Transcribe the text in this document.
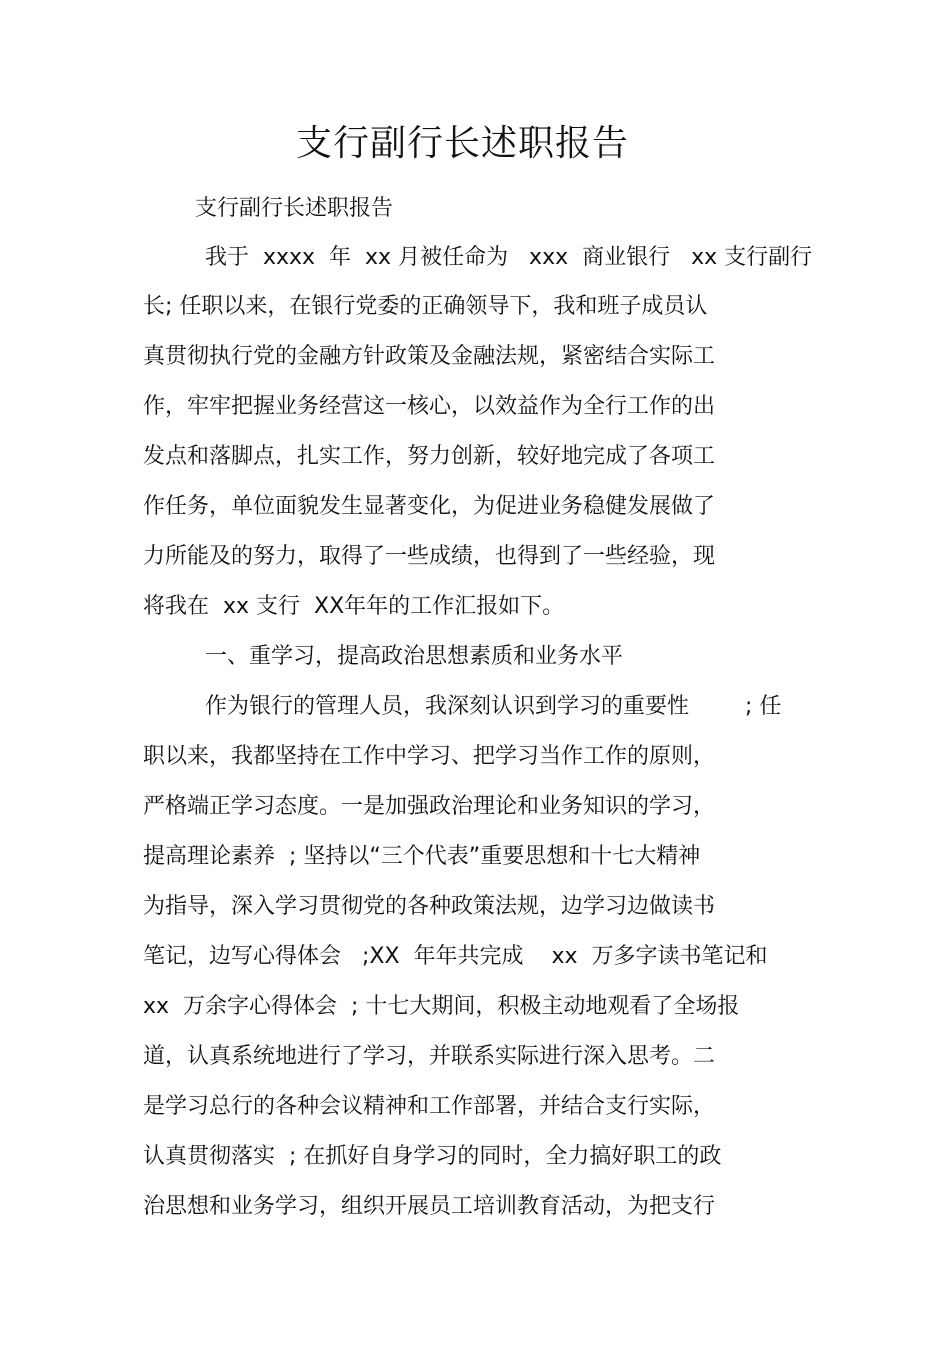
支行副行长述职报告
支行副行长述职报告
我于  xxxx  年  xx 月被任命为   xxx  商业银行   xx 支行副行
长; 任职以来，在银行党委的正确领导下，我和班子成员认
真贯彻执行党的金融方针政策及金融法规，紧密结合实际工
作，牢牢把握业务经营这一核心，以效益作为全行工作的出
发点和落脚点，扎实工作，努力创新，较好地完成了各项工
作任务，单位面貌发生显著变化，为促进业务稳健发展做了
力所能及的努力，取得了一些成绩，也得到了一些经验，现
将我在  xx 支行  XX年年的工作汇报如下。
一、重学习，提高政治思想素质和业务水平
作为银行的管理人员，我深刻认识到学习的重要性        ; 任
职以来，我都坚持在工作中学习、把学习当作工作的原则，
严格端正学习态度。一是加强政治理论和业务知识的学习，
提高理论素养  ; 坚持以“三个代表”重要思想和十七大精神
为指导，深入学习贯彻党的各种政策法规，边学习边做读书
笔记，边写心得体会   ;XX  年年共完成    xx  万多字读书笔记和
xx  万余字心得体会  ; 十七大期间，积极主动地观看了全场报
道，认真系统地进行了学习，并联系实际进行深入思考。二
是学习总行的各种会议精神和工作部署，并结合支行实际，
认真贯彻落实  ; 在抓好自身学习的同时，全力搞好职工的政
治思想和业务学习，组织开展员工培训教育活动，为把支行
